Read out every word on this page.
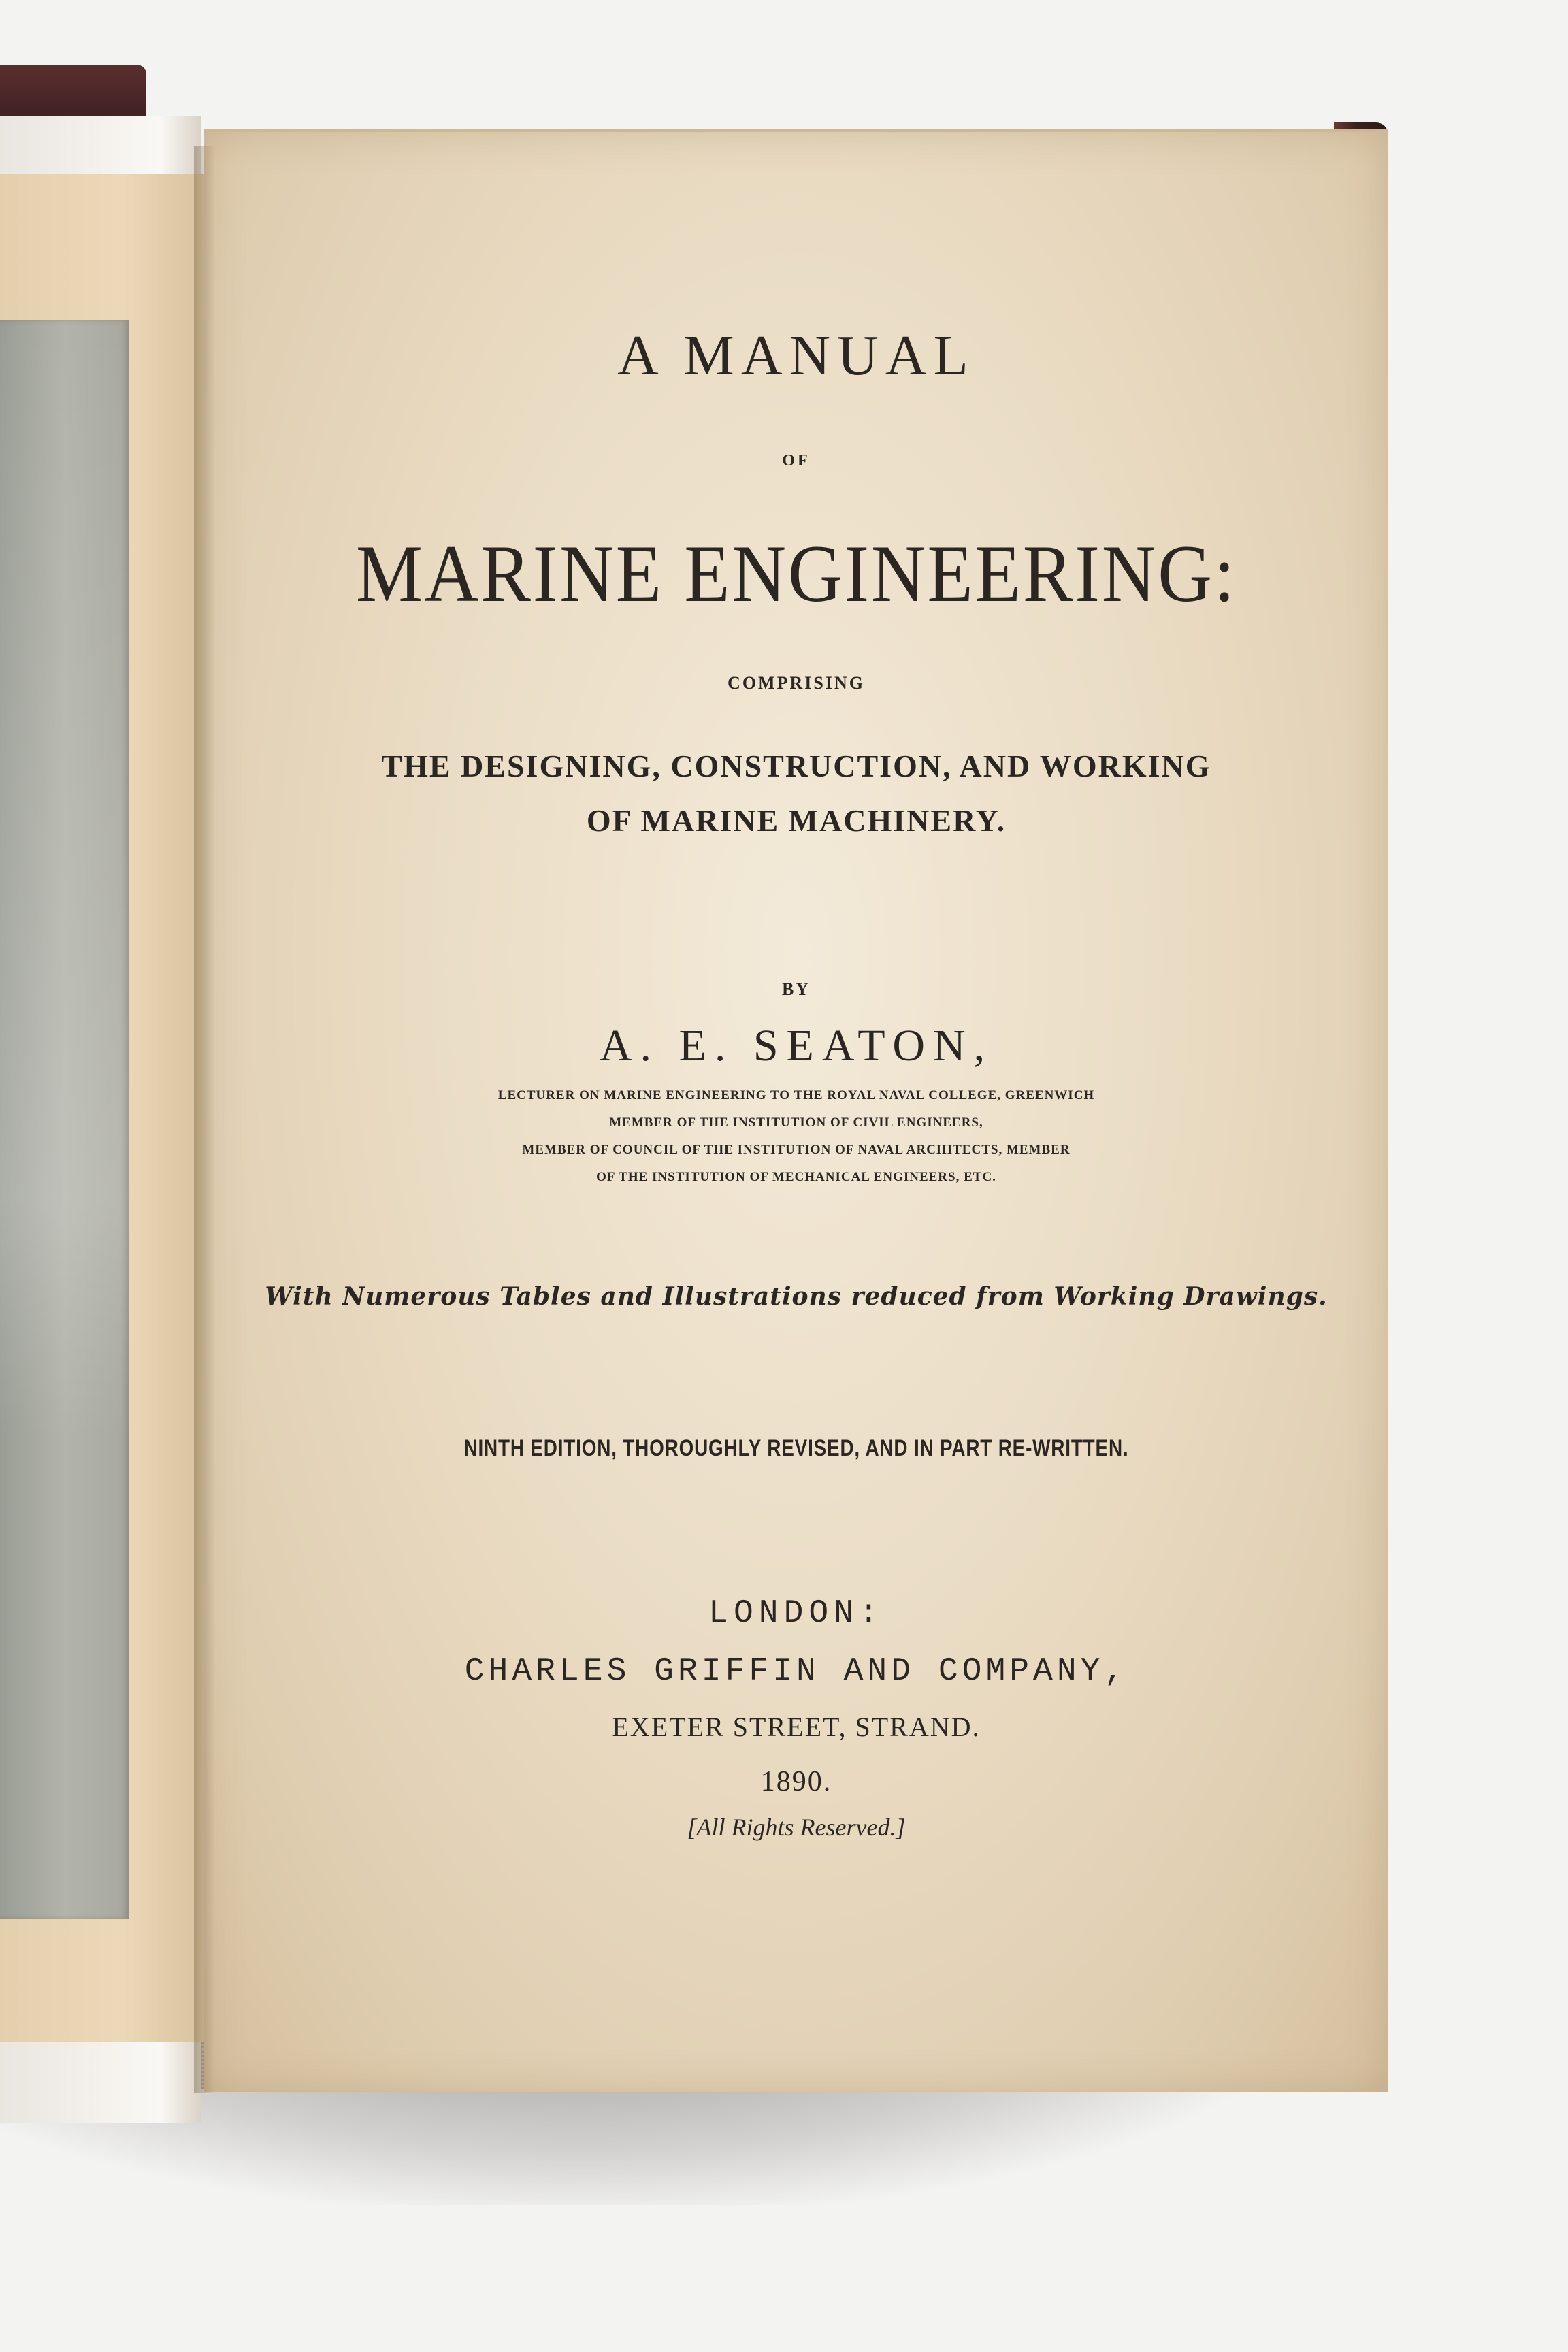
A MANUAL
OF
MARINE ENGINEERING:
COMPRISING
THE DESIGNING, CONSTRUCTION, AND WORKING
OF MARINE MACHINERY.
BY
A. E. SEATON,
LECTURER ON MARINE ENGINEERING TO THE ROYAL NAVAL COLLEGE, GREENWICH
MEMBER OF THE INSTITUTION OF CIVIL ENGINEERS,
MEMBER OF COUNCIL OF THE INSTITUTION OF NAVAL ARCHITECTS, MEMBER
OF THE INSTITUTION OF MECHANICAL ENGINEERS, ETC.
With Numerous Tables and Illustrations reduced from Working Drawings.
NINTH EDITION, THOROUGHLY REVISED, AND IN PART RE-WRITTEN.
LONDON:
CHARLES GRIFFIN AND COMPANY,
EXETER STREET, STRAND.
1890.
[All Rights Reserved.]
